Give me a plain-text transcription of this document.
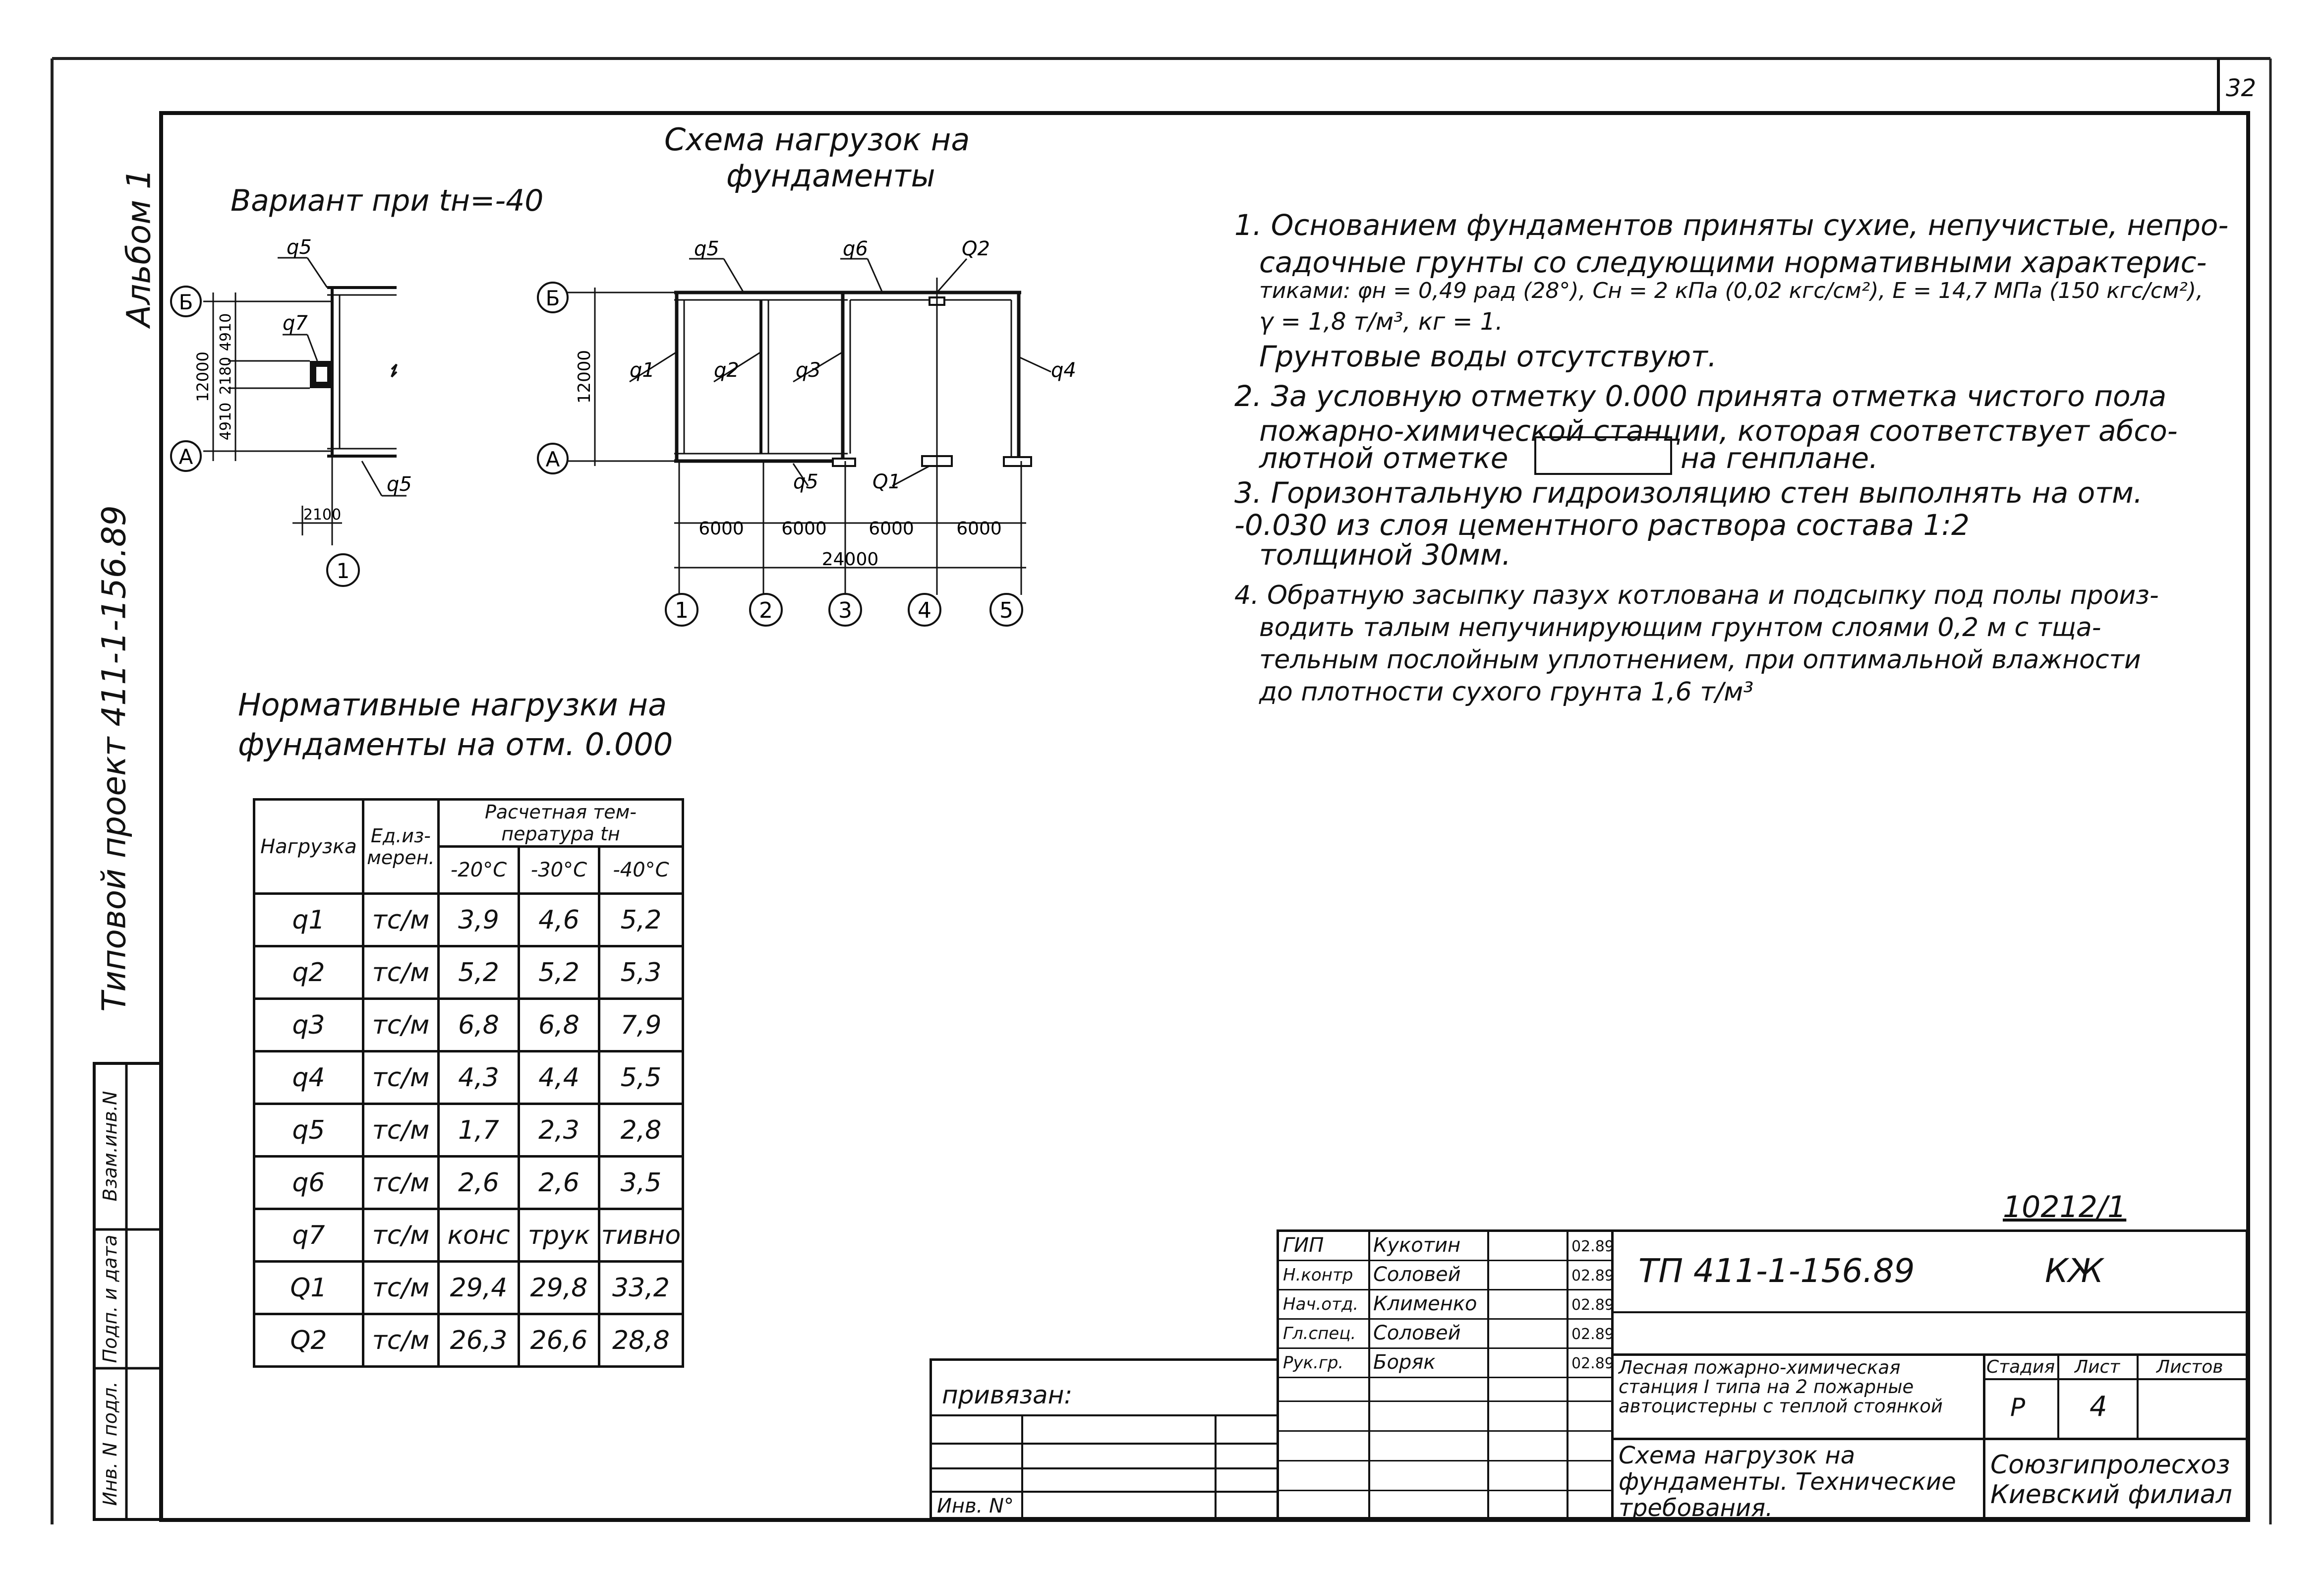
32
Альбом 1
Типовой проект 411-1-156.89
Инв. N подл.
Подп. и дата
Взам.инв.N
Вариант при tн=-40
Б
А
1
q5
q7
q5
12000
4910
2180
4910
2100
Схема нагрузок на
фундаменты
Б
А
1	2	3	4	5
12000
q5	q6	Q2
q1	q2	q3	q4
q5	Q1
6000 6000 6000 6000
24000
1. Основанием фундаментов приняты сухие, непучистые, непро-
садочные грунты со следующими нормативными характерис-
тиками: φн = 0,49 рад (28°), Сн = 2 кПа (0,02 кгс/см²), Е = 14,7 МПа (150 кгс/см²),
γ = 1,8 т/м³, кг = 1.
Грунтовые воды отсутствуют.
2. За условную отметку 0.000 принята отметка чистого пола
пожарно-химической станции, которая соответствует абсо-
лютной отметке	на генплане.
3. Горизонтальную гидроизоляцию стен выполнять на отм.
-0.030 из слоя цементного раствора состава 1:2
толщиной 30мм.
4. Обратную засыпку пазух котлована и подсыпку под полы произ-
водить талым непучинирующим грунтом слоями 0,2 м с тща-
тельным послойным уплотнением, при оптимальной влажности
до плотности сухого грунта 1,6 т/м³
Нормативные нагрузки на
фундаменты на отм. 0.000
Нагрузка	Ед.из-мерен.	Расчетная тем-
пература tн		

		-20°С	-30°С	-40°С
q1	тс/м	3,9	4,6	5,2
q2	тс/м	5,2	5,2	5,3
q3	тс/м	6,8	6,8	7,9
q4	тс/м	4,3	4,4	5,5
q5	тс/м	1,7	2,3	2,8
q6	тс/м	2,6	2,6	3,5
q7	тс/м	конс	трук	тивно
Q1	тс/м	29,4	29,8	33,2
Q2	тс/м	26,3	26,6	28,8
10212/1
привязан:
Инв. N°
ГИП Кукотин	02.89
Н.контр Соловей	02.89
Нач.отд. Клименко	02.89
Гл.спец. Соловей	02.89
Рук.гр. Боряк	02.89
ТП 411-1-156.89	КЖ
Лесная пожарно-химическая станция I типа на 2 пожарные автоцистерны с теплой стоянкой
Стадия Лист Листов
Р 4
Схема нагрузок на фундаменты. Технические требования.
Союзгипролесхоз
Киевский филиал
